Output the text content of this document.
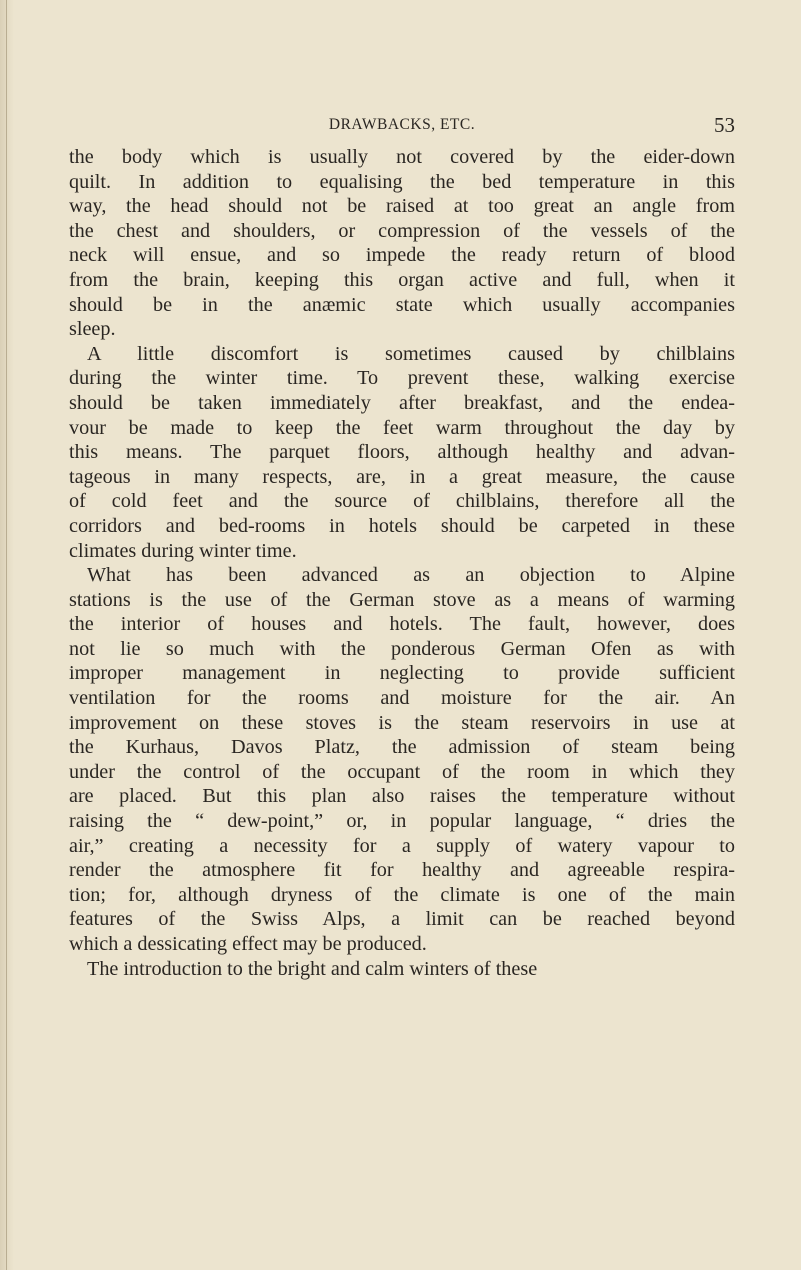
DRAWBACKS, ETC.	53
the body which is usually not covered by the eider-down
quilt. In addition to equalising the bed temperature in this
way, the head should not be raised at too great an angle from
the chest and shoulders, or compression of the vessels of the
neck will ensue, and so impede the ready return of blood
from the brain, keeping this organ active and full, when it
should be in the anæmic state which usually accompanies
sleep.
A little discomfort is sometimes caused by chilblains
during the winter time. To prevent these, walking exercise
should be taken immediately after breakfast, and the endea-
vour be made to keep the feet warm throughout the day by
this means. The parquet floors, although healthy and advan-
tageous in many respects, are, in a great measure, the cause
of cold feet and the source of chilblains, therefore all the
corridors and bed-rooms in hotels should be carpeted in these
climates during winter time.
What has been advanced as an objection to Alpine
stations is the use of the German stove as a means of warming
the interior of houses and hotels. The fault, however, does
not lie so much with the ponderous German Ofen as with
improper management in neglecting to provide sufficient
ventilation for the rooms and moisture for the air. An
improvement on these stoves is the steam reservoirs in use at
the Kurhaus, Davos Platz, the admission of steam being
under the control of the occupant of the room in which they
are placed. But this plan also raises the temperature without
raising the “ dew-point,” or, in popular language, “ dries the
air,” creating a necessity for a supply of watery vapour to
render the atmosphere fit for healthy and agreeable respira-
tion; for, although dryness of the climate is one of the main
features of the Swiss Alps, a limit can be reached beyond
which a dessicating effect may be produced.
The introduction to the bright and calm winters of these
